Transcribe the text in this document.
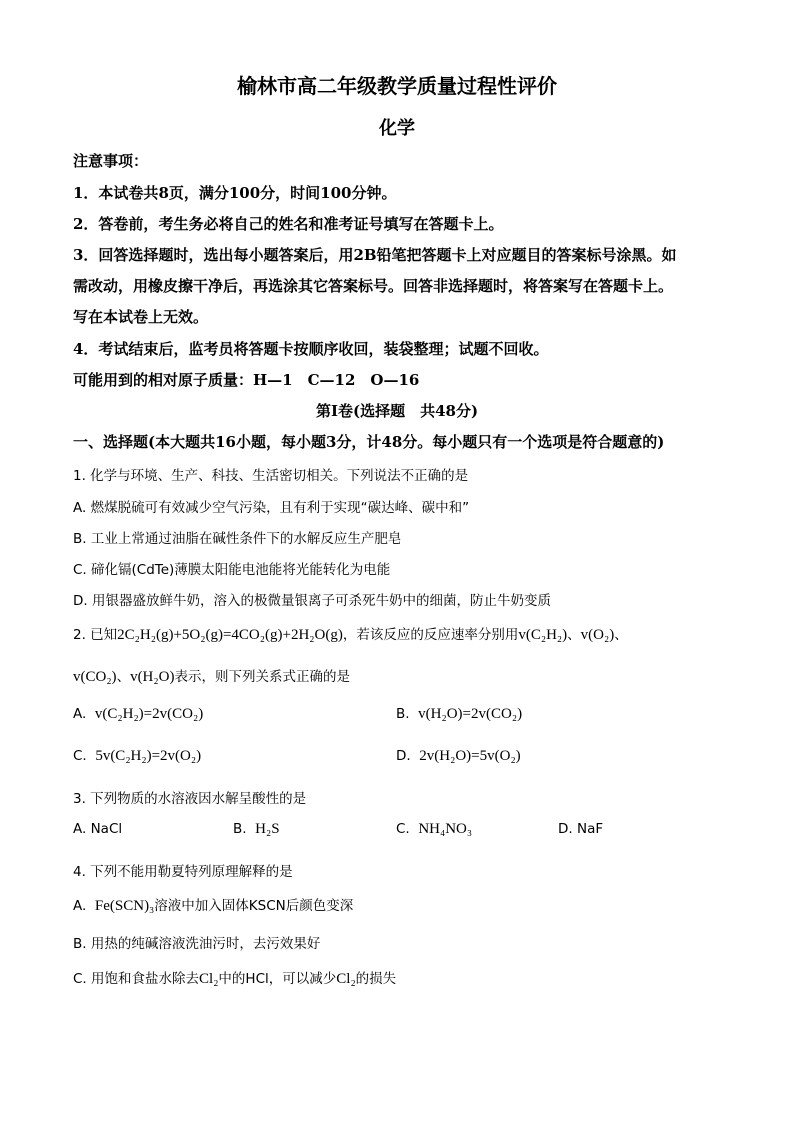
榆林市高二年级教学质量过程性评价
化学
注意事项：
1．本试卷共8页，满分100分，时间100分钟。
2．答卷前，考生务必将自己的姓名和准考证号填写在答题卡上。
3．回答选择题时，选出每小题答案后，用2B铅笔把答题卡上对应题目的答案标号涂黑。如
需改动，用橡皮擦干净后，再选涂其它答案标号。回答非选择题时，将答案写在答题卡上。
写在本试卷上无效。
4．考试结束后，监考员将答题卡按顺序收回，装袋整理；试题不回收。
可能用到的相对原子质量：H—1　C—12　O—16
第I卷(选择题　共48分)
一、选择题(本大题共16小题，每小题3分，计48分。每小题只有一个选项是符合题意的)
1. 化学与环境、生产、科技、生活密切相关。下列说法不正确的是
A. 燃煤脱硫可有效减少空气污染，且有利于实现“碳达峰、碳中和”
B. 工业上常通过油脂在碱性条件下的水解反应生产肥皂
C. 碲化镉(CdTe)薄膜太阳能电池能将光能转化为电能
D. 用银器盛放鲜牛奶，溶入的极微量银离子可杀死牛奶中的细菌，防止牛奶变质
2. 已知2C₂H₂(g)+5O₂(g)=4CO₂(g)+2H₂O(g)，若该反应的反应速率分别用v(C₂H₂)、v(O₂)、
v(CO₂)、v(H₂O)表示，则下列关系式正确的是
A. v(C₂H₂)=2v(CO₂)	B. v(H₂O)=2v(CO₂)
C. 5v(C₂H₂)=2v(O₂)	D. 2v(H₂O)=5v(O₂)
3. 下列物质的水溶液因水解呈酸性的是
A. NaCl	B. H₂S	C. NH₄NO₃	D. NaF
4. 下列不能用勒夏特列原理解释的是
A. Fe(SCN)₃溶液中加入固体KSCN后颜色变深
B. 用热的纯碱溶液洗油污时，去污效果好
C. 用饱和食盐水除去Cl₂中的HCl，可以减少Cl₂的损失
